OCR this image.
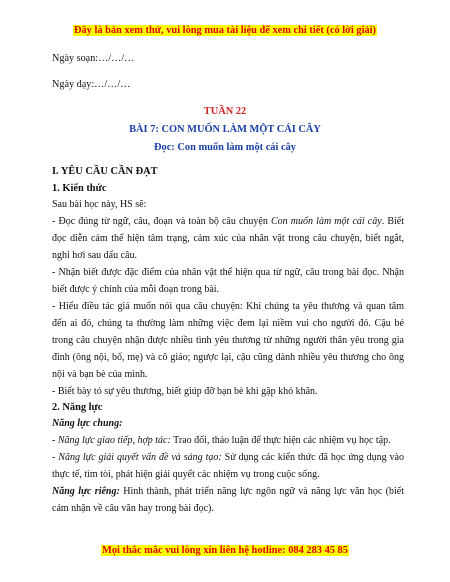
Đây là bản xem thử, vui lòng mua tài liệu để xem chi tiết (có lời giải)
Ngày soạn:…/…/…
Ngày dạy:…/…/…
TUẦN 22
BÀI 7: CON MUỐN LÀM MỘT CÁI CÂY
Đọc: Con muốn làm một cái cây
I. YÊU CẦU CẦN ĐẠT
1. Kiến thức

Sau bài học này, HS sẽ:

- Đọc đúng từ ngữ, câu, đoạn và toàn bộ câu chuyện Con muốn làm một cái cây. Biết đọc diễn cảm thể hiện tâm trạng, cảm xúc của nhân vật trong câu chuyện, biết ngắt, nghỉ hơi sau dấu câu.

- Nhận biết được đặc điểm của nhân vật thể hiện qua từ ngữ, câu trong bài đọc. Nhận biết được ý chính của mỗi đoạn trong bài.

- Hiểu điều tác giả muốn nói qua câu chuyện: Khi chúng ta yêu thương và quan tâm đến ai đó, chúng ta thường làm những việc đem lại niềm vui cho người đó. Cậu bé trong câu chuyện nhận được nhiều tình yêu thương từ những người thân yêu trong gia đình (ông nội, bố, mẹ) và cô giáo; ngược lại, cậu cũng dành nhiều yêu thương cho ông nội và bạn bè của mình.

- Biết bày tỏ sự yêu thương, biết giúp đỡ bạn bè khi gặp khó khăn.

2. Năng lực

Năng lực chung:

- Năng lực giao tiếp, hợp tác: Trao đổi, thảo luận để thực hiện các nhiệm vụ học tập.

- Năng lực giải quyết vấn đề và sáng tạo: Sử dụng các kiến thức đã học ứng dụng vào thực tế, tìm tòi, phát hiện giải quyết các nhiệm vụ trong cuộc sống.

Năng lực riêng: Hình thành, phát triển năng lực ngôn ngữ và năng lực văn học (biết cảm nhận về câu văn hay trong bài đọc).

Mọi thắc mắc vui lòng xin liên hệ hotline: 084 283 45 85
